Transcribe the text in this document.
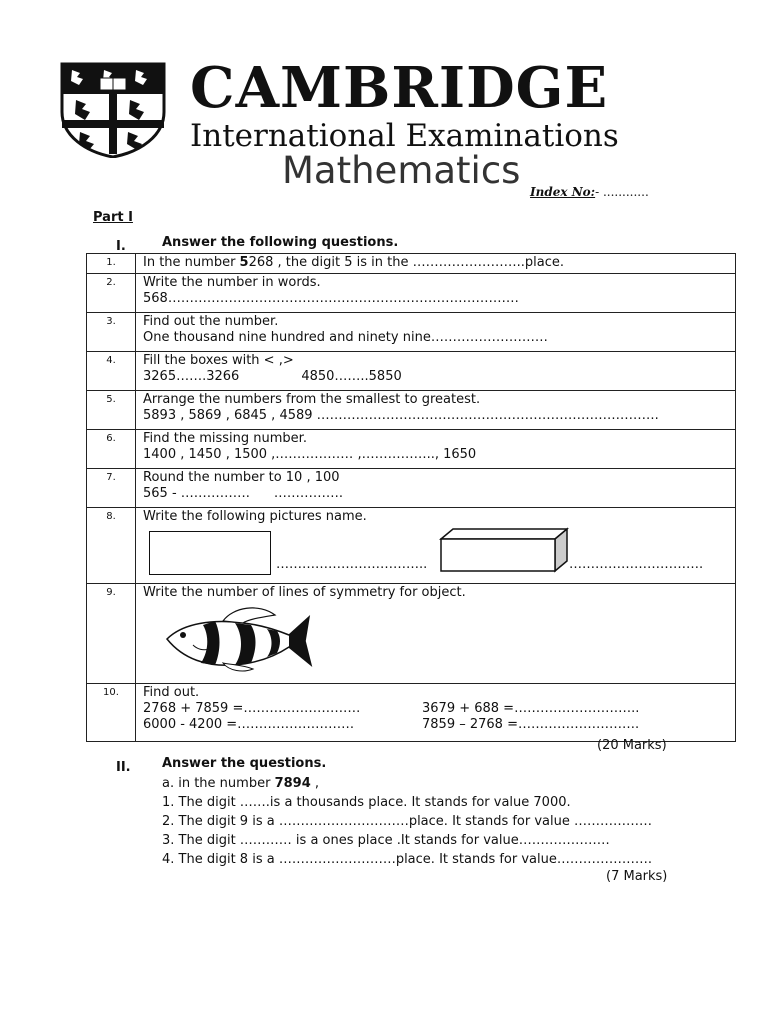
CAMBRIDGE
International Examinations
Mathematics Index No:- ............
Part I
I.	Answer the following questions.
1.	In the number 5268 , the digit 5 is in the ……………………..place.

2.	Write the number in words.
568………………………………………………………………………

3.	Find out the number.
One thousand nine hundred and ninety nine………………………

4.	Fill the boxes with < ,>
3265…….3266 4850……..5850

5.	Arrange the numbers from the smallest to greatest.
5893 , 5869 , 6845 , 4589 …………………………………………………………………….

6.	Find the missing number.
1400 , 1450 , 1500 ,……………… ,…………….., 1650

7.	Round the number to 10 , 100
565 - ……………. …………….

8.	Write the following pictures name.
…………………………….. ………………………….

9.	Write the number of lines of symmetry for object.

10.	Find out.
2768 + 7859 =……………………… 3679 + 688 =………………………..
6000 - 4200 =……………………… 7859 – 2768 =……………………….
(20 Marks)
II. Answer the questions.
a. in the number 7894 ,
1. The digit …….is a thousands place. It stands for value 7000.
2. The digit 9 is a …………………………place. It stands for value ………………
3. The digit ………… is a ones place .It stands for value…………………
4. The digit 8 is a ………………………place. It stands for value………………….
(7 Marks)
